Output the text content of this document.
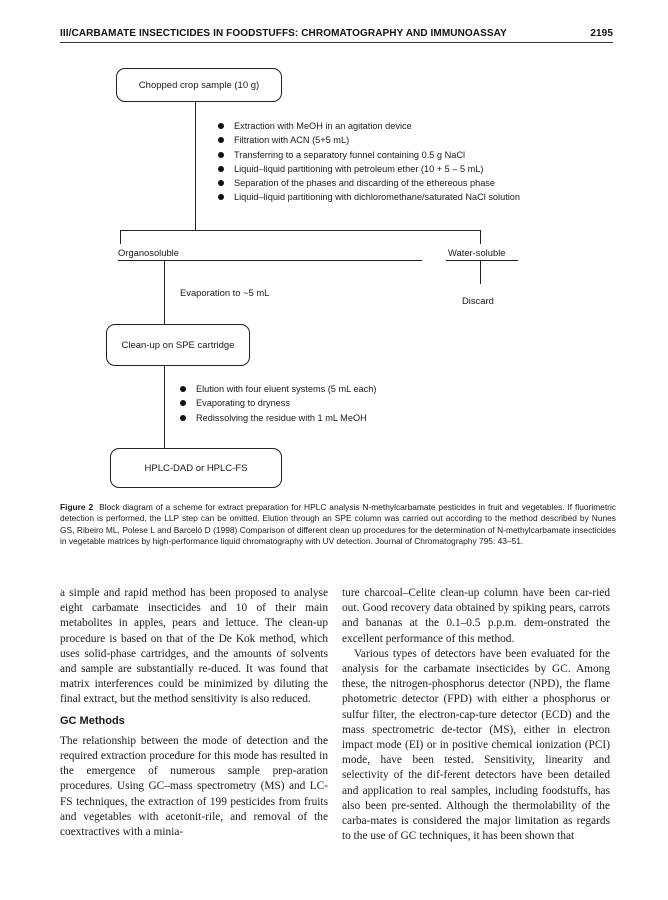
III/CARBAMATE INSECTICIDES IN FOODSTUFFS: CHROMATOGRAPHY AND IMMUNOASSAY	2195
Chopped crop sample (10 g)
Extraction with MeOH in an agitation device
Filtration with ACN (5+5 mL)
Transferring to a separatory funnel containing 0.5 g NaCl
Liquid–liquid partitioning with petroleum ether (10 + 5 – 5 mL)
Separation of the phases and discarding of the ethereous phase
Liquid–liquid partitioning with dichloromethane/saturated NaCl solution
Organosoluble	Water-soluble
Evaporation to ~5 mL
Discard
Clean-up on SPE cartridge
Elution with four eluent systems (5 mL each)
Evaporating to dryness
Redissolving the residue with 1 mL MeOH
HPLC-DAD or HPLC-FS
Figure 2 Block diagram of a scheme for extract preparation for HPLC analysis N-methylcarbamate pesticides in fruit and vegetables. If fluorimetric detection is performed, the LLP step can be omitted. Elution through an SPE column was carried out according to the method described by Nunes GS, Ribeiro ML, Polese L and Barceló D (1998) Comparison of different clean up procedures for the determination of N-methylcarbamate insecticides in vegetable matrices by high-performance liquid chromatography with UV detection. Journal of Chromatography 795: 43–51.

a simple and rapid method has been proposed to analyse eight carbamate insecticides and 10 of their main metabolites in apples, pears and lettuce. The clean-up procedure is based on that of the De Kok method, which uses solid-phase cartridges, and the amounts of solvents and sample are substantially re-duced. It was found that matrix interferences could be minimized by diluting the final extract, but the method sensitivity is also reduced.

GC Methods

The relationship between the mode of detection and the required extraction procedure for this mode has resulted in the emergence of numerous sample prep-aration procedures. Using GC–mass spectrometry (MS) and LC-FS techniques, the extraction of 199 pesticides from fruits and vegetables with acetonit-rile, and removal of the coextractives with a minia-

ture charcoal–Celite clean-up column have been car-ried out. Good recovery data obtained by spiking pears, carrots and bananas at the 0.1–0.5 p.p.m. dem-onstrated the excellent performance of this method.

Various types of detectors have been evaluated for the analysis for the carbamate insecticides by GC. Among these, the nitrogen-phosphorus detector (NPD), the flame photometric detector (FPD) with either a phosphorus or sulfur filter, the electron-cap-ture detector (ECD) and the mass spectrometric de-tector (MS), either in electron impact mode (EI) or in positive chemical ionization (PCI) mode, have been tested. Sensitivity, linearity and selectivity of the dif-ferent detectors have been detailed and application to real samples, including foodstuffs, has also been pre-sented. Although the thermolability of the carba-mates is considered the major limitation as regards to the use of GC techniques, it has been shown that
